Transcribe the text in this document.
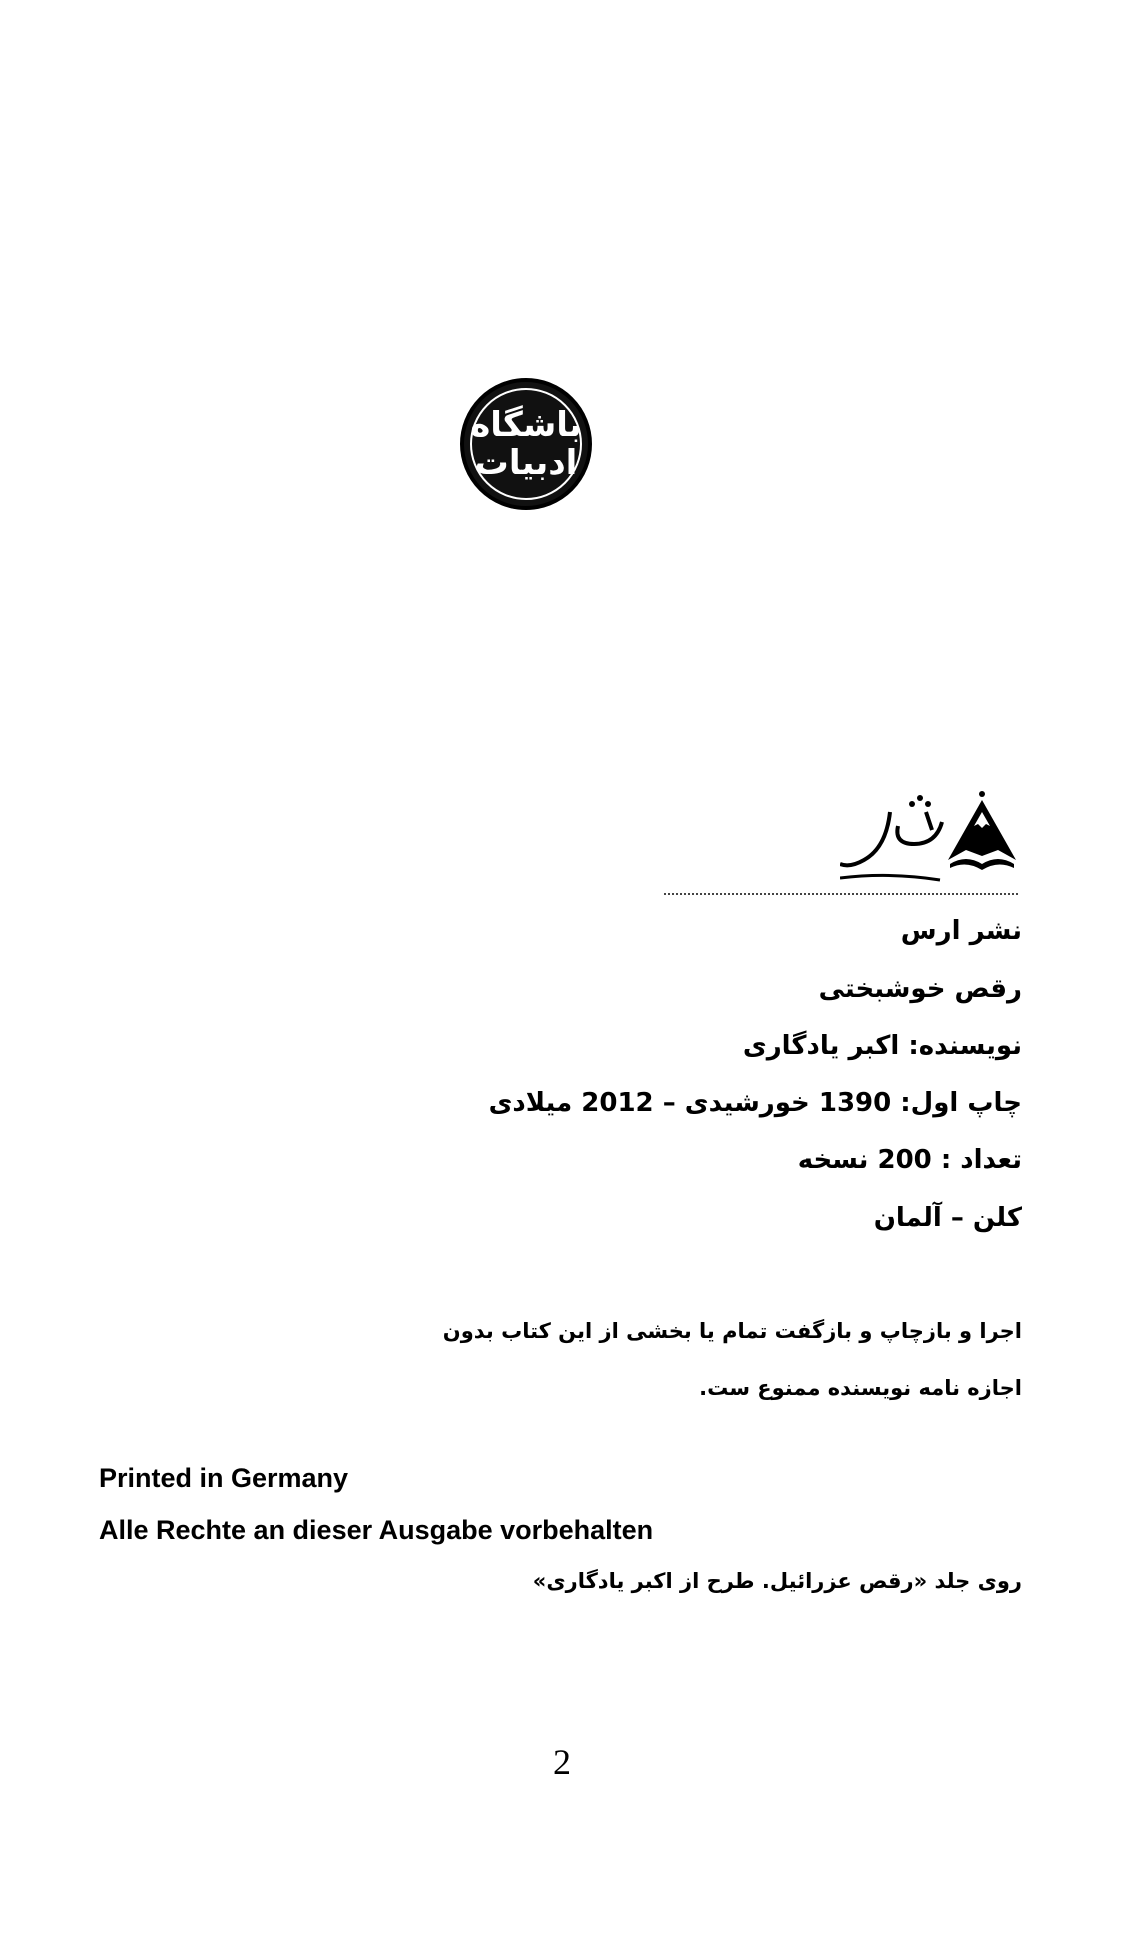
باشگاه
ادبیات
ارس
نشر ارس
رقص خوشبختی
نویسنده: اکبر یادگاری
چاپ اول: 1390 خورشیدی – 2012 میلادی
تعداد : 200 نسخه
کلن – آلمان
اجرا و بازچاپ و بازگفت تمام یا بخشی از این کتاب بدون
اجازه نامه نویسنده ممنوع ست.
Printed in Germany
Alle Rechte an dieser Ausgabe vorbehalten
روی جلد «رقص عزرائیل. طرح از اکبر یادگاری»
2
